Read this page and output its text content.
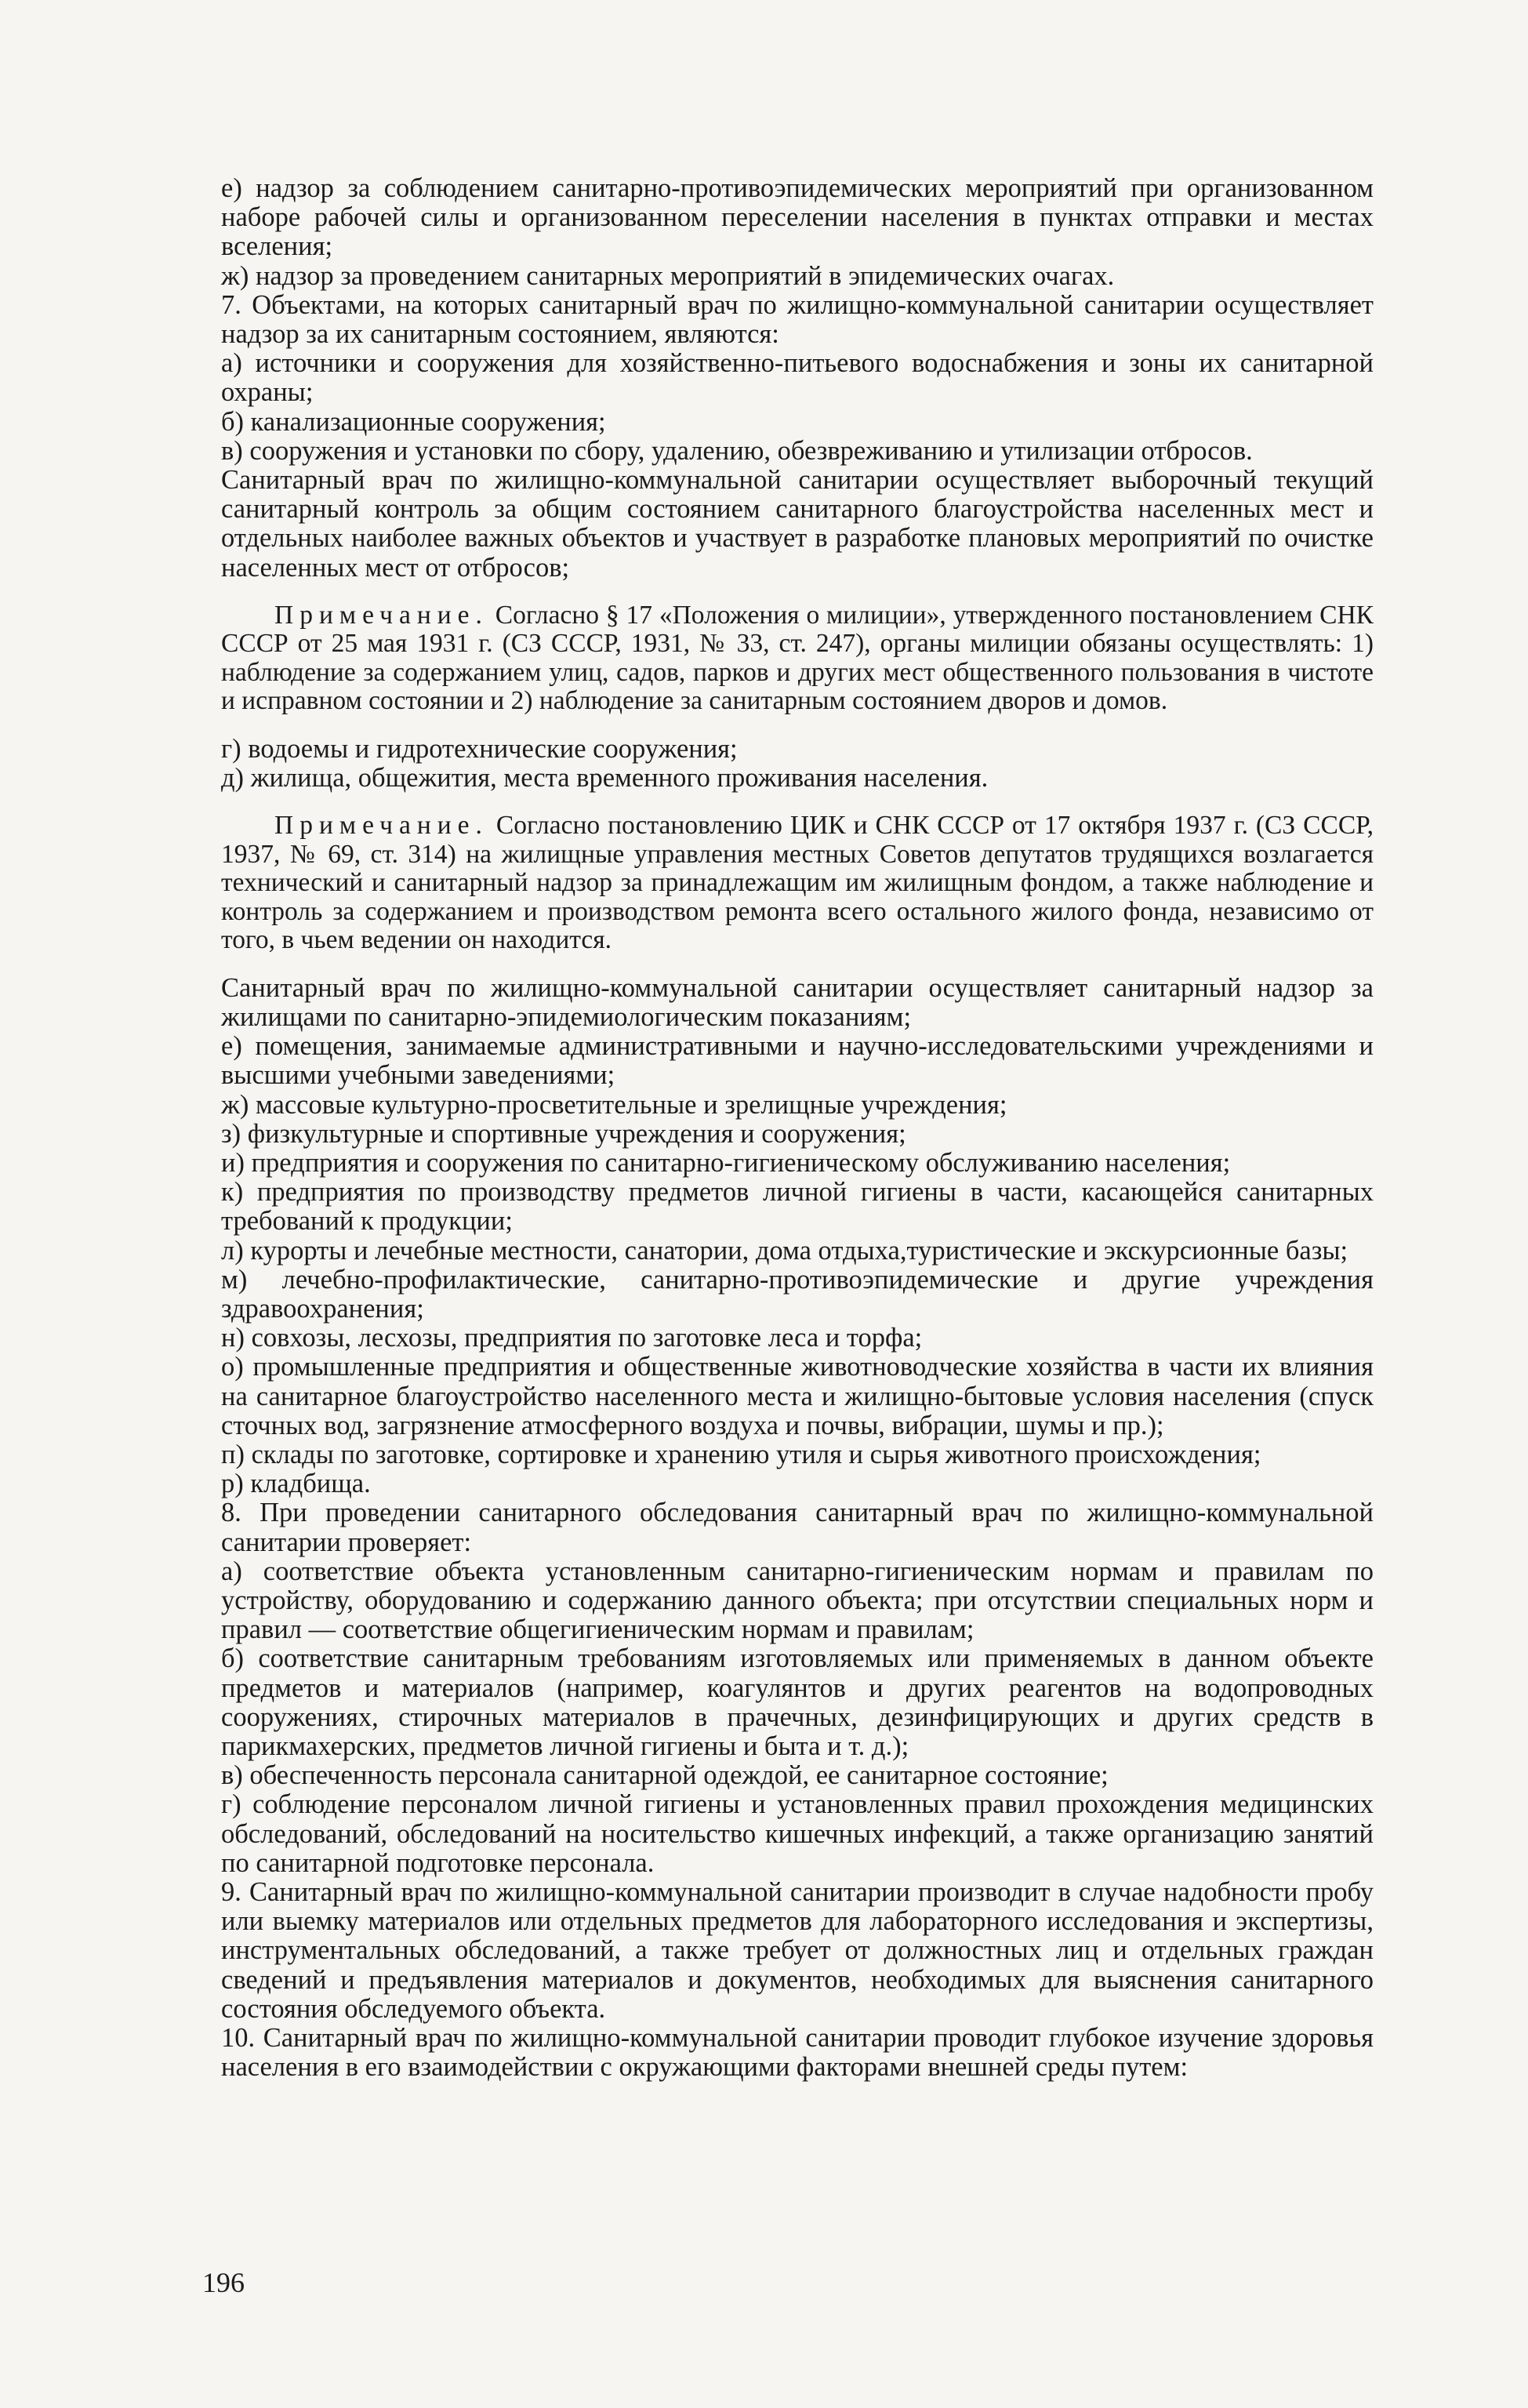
е) надзор за соблюдением санитарно-противоэпидемических мероприятий при организованном наборе рабочей силы и организованном переселении населения в пунктах отправки и местах вселения;

ж) надзор за проведением санитарных мероприятий в эпидемических очагах.

7. Объектами, на которых санитарный врач по жилищно-коммунальной санитарии осуществляет надзор за их санитарным состоянием, являются:

а) источники и сооружения для хозяйственно-питьевого водоснабжения и зоны их санитарной охраны;

б) канализационные сооружения;

в) сооружения и установки по сбору, удалению, обезвреживанию и утилизации отбросов.

Санитарный врач по жилищно-коммунальной санитарии осуществляет выборочный текущий санитарный контроль за общим состоянием санитарного благоустройства населенных мест и отдельных наиболее важных объектов и участвует в разработке плановых мероприятий по очистке населенных мест от отбросов;

Примечание. Согласно § 17 «Положения о милиции», утвержденного постановлением СНК СССР от 25 мая 1931 г. (СЗ СССР, 1931, № 33, ст. 247), органы милиции обязаны осуществлять: 1) наблюдение за содержанием улиц, садов, парков и других мест общественного пользования в чистоте и исправном состоянии и 2) наблюдение за санитарным состоянием дворов и домов.

г) водоемы и гидротехнические сооружения;

д) жилища, общежития, места временного проживания населения.

Примечание. Согласно постановлению ЦИК и СНК СССР от 17 октября 1937 г. (СЗ СССР, 1937, № 69, ст. 314) на жилищные управления местных Советов депутатов трудящихся возлагается технический и санитарный надзор за принадлежащим им жилищным фондом, а также наблюдение и контроль за содержанием и производством ремонта всего остального жилого фонда, независимо от того, в чьем ведении он находится.

Санитарный врач по жилищно-коммунальной санитарии осуществляет санитарный надзор за жилищами по санитарно-эпидемиологическим показаниям;

е) помещения, занимаемые административными и научно-исследовательскими учреждениями и высшими учебными заведениями;

ж) массовые культурно-просветительные и зрелищные учреждения;

з) физкультурные и спортивные учреждения и сооружения;

и) предприятия и сооружения по санитарно-гигиеническому обслуживанию населения;

к) предприятия по производству предметов личной гигиены в части, касающейся санитарных требований к продукции;

л) курорты и лечебные местности, санатории, дома отдыха,туристические и экскурсионные базы;

м) лечебно-профилактические, санитарно-противоэпидемические и другие учреждения здравоохранения;

н) совхозы, лесхозы, предприятия по заготовке леса и торфа;

о) промышленные предприятия и общественные животноводческие хозяйства в части их влияния на санитарное благоустройство населенного места и жилищно-бытовые условия населения (спуск сточных вод, загрязнение атмосферного воздуха и почвы, вибрации, шумы и пр.);

п) склады по заготовке, сортировке и хранению утиля и сырья животного происхождения;

р) кладбища.

8. При проведении санитарного обследования санитарный врач по жилищно-коммунальной санитарии проверяет:

а) соответствие объекта установленным санитарно-гигиеническим нормам и правилам по устройству, оборудованию и содержанию данного объекта; при отсутствии специальных норм и правил — соответствие общегигиеническим нормам и правилам;

б) соответствие санитарным требованиям изготовляемых или применяемых в данном объекте предметов и материалов (например, коагулянтов и других реагентов на водопроводных сооружениях, стирочных материалов в прачечных, дезинфицирующих и других средств в парикмахерских, предметов личной гигиены и быта и т. д.);

в) обеспеченность персонала санитарной одеждой, ее санитарное состояние;

г) соблюдение персоналом личной гигиены и установленных правил прохождения медицинских обследований, обследований на носительство кишечных инфекций, а также организацию занятий по санитарной подготовке персонала.

9. Санитарный врач по жилищно-коммунальной санитарии производит в случае надобности пробу или выемку материалов или отдельных предметов для лабораторного исследования и экспертизы, инструментальных обследований, а также требует от должностных лиц и отдельных граждан сведений и предъявления материалов и документов, необходимых для выяснения санитарного состояния обследуемого объекта.

10. Санитарный врач по жилищно-коммунальной санитарии проводит глубокое изучение здоровья населения в его взаимодействии с окружающими факторами внешней среды путем:

196
